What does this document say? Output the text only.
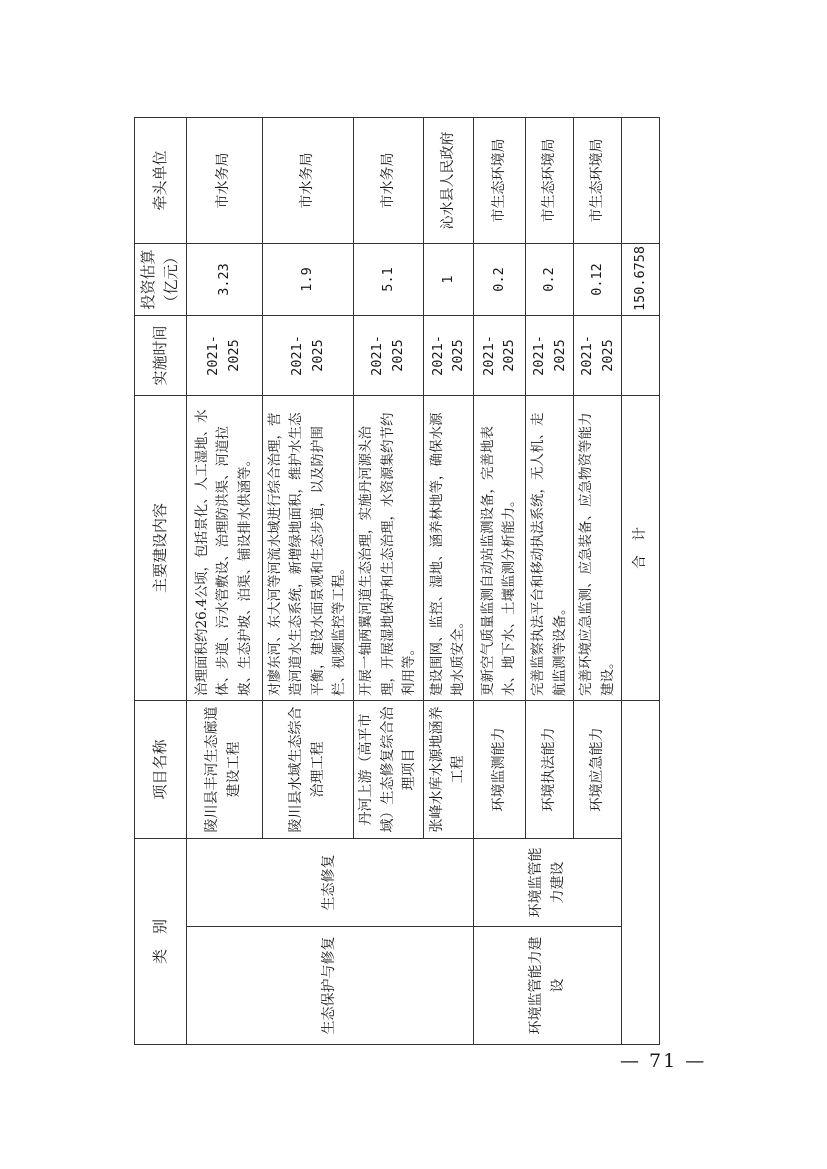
类　别		项目名称	主要建设内容	实施时间	投资估算（亿元）	牵头单位
生态保护与修复	生态修复	陵川县丰河生态廊道建设工程	治理面积约26.4公顷，包括景化、人工湿地、水体、步道、污水管敷设、治理防洪渠、河道拉坡、生态护坡、泊渠、铺设排水供涵等。	2021-2025	3.23	市水务局
		陵川县水域生态综合治理工程	对廖东河、东大河等河流水域进行综合治理，营造河道水生态系统，新增绿地面积，维护水生态平衡，建设水面景观和生态步道，以及防护围栏、视频监控等工程。	2021-2025	1.9	市水务局
		丹河上游（高平市域）生态修复综合治理项目	开展一轴两翼河道生态治理，实施丹河源头治理，开展湿地保护和生态治理，水资源集约节约利用等。	2021-2025	5.1	市水务局
		张峰水库水源地涵养工程	建设围网、监控、湿地、涵养林地等，确保水源地水质安全。	2021-2025	1	沁水县人民政府
环境监管能力建设	环境监管能力建设	环境监测能力	更新空气质量监测自动站监测设备，完善地表水、地下水、土壤监测分析能力。	2021-2025	0.2	市生态环境局
		环境执法能力	完善监察执法平台和移动执法系统，无人机、走航监测等设备。	2021-2025	0.2	市生态环境局
		环境应急能力	完善环境应急监测、应急装备、应急物资等能力建设。	2021-2025	0.12	市生态环境局
			合　计		150.6758	
— 71 —
